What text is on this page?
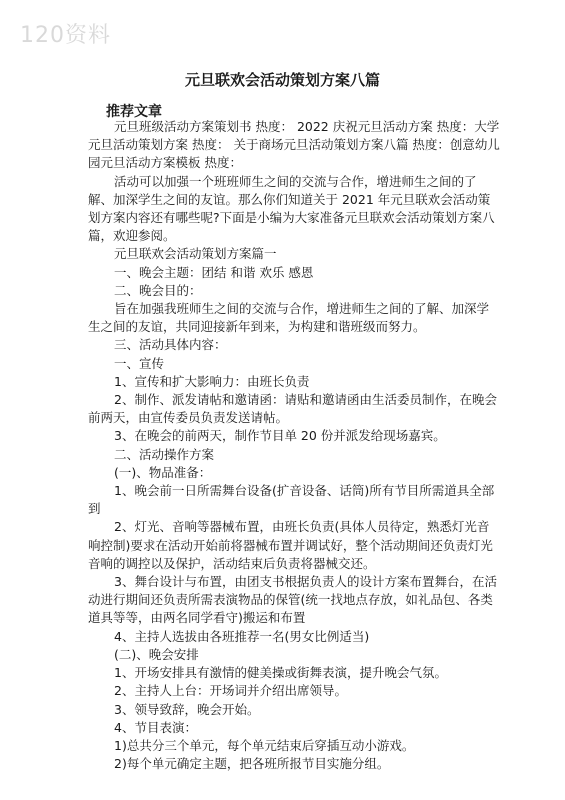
120资料
元旦联欢会活动策划方案八篇
推荐文章

元旦班级活动方案策划书 热度： 2022 庆祝元旦活动方案 热度：大学元旦活动策划方案 热度： 关于商场元旦活动策划方案八篇 热度：创意幼儿园元旦活动方案模板 热度：

活动可以加强一个班班师生之间的交流与合作，增进师生之间的了解、加深学生之间的友谊。那么你们知道关于 2021 年元旦联欢会活动策划方案内容还有哪些呢?下面是小编为大家准备元旦联欢会活动策划方案八篇，欢迎参阅。

元旦联欢会活动策划方案篇一

一、晚会主题：团结 和谐 欢乐 感恩

二、晚会目的：

旨在加强我班师生之间的交流与合作，增进师生之间的了解、加深学生之间的友谊，共同迎接新年到来，为构建和谐班级而努力。

三、活动具体内容：

一、宣传

1、宣传和扩大影响力：由班长负责

2、制作、派发请帖和邀请函：请贴和邀请函由生活委员制作，在晚会前两天，由宣传委员负责发送请帖。

3、在晚会的前两天，制作节目单 20 份并派发给现场嘉宾。

二、活动操作方案

(一)、物品准备：

1、晚会前一日所需舞台设备(扩音设备、话筒)所有节目所需道具全部到

2、灯光、音响等器械布置，由班长负责(具体人员待定，熟悉灯光音响控制)要求在活动开始前将器械布置并调试好，整个活动期间还负责灯光音响的调控以及保护，活动结束后负责将器械交还。

3、舞台设计与布置，由团支书根据负责人的设计方案布置舞台，在活动进行期间还负责所需表演物品的保管(统一找地点存放，如礼品包、各类道具等等，由两名同学看守)搬运和布置

4、主持人选拔由各班推荐一名(男女比例适当)

(二)、晚会安排

1、开场安排具有激情的健美操或街舞表演，提升晚会气氛。

2、主持人上台：开场词并介绍出席领导。

3、领导致辞，晚会开始。

4、节目表演：

1)总共分三个单元，每个单元结束后穿插互动小游戏。

2)每个单元确定主题，把各班所报节目实施分组。
